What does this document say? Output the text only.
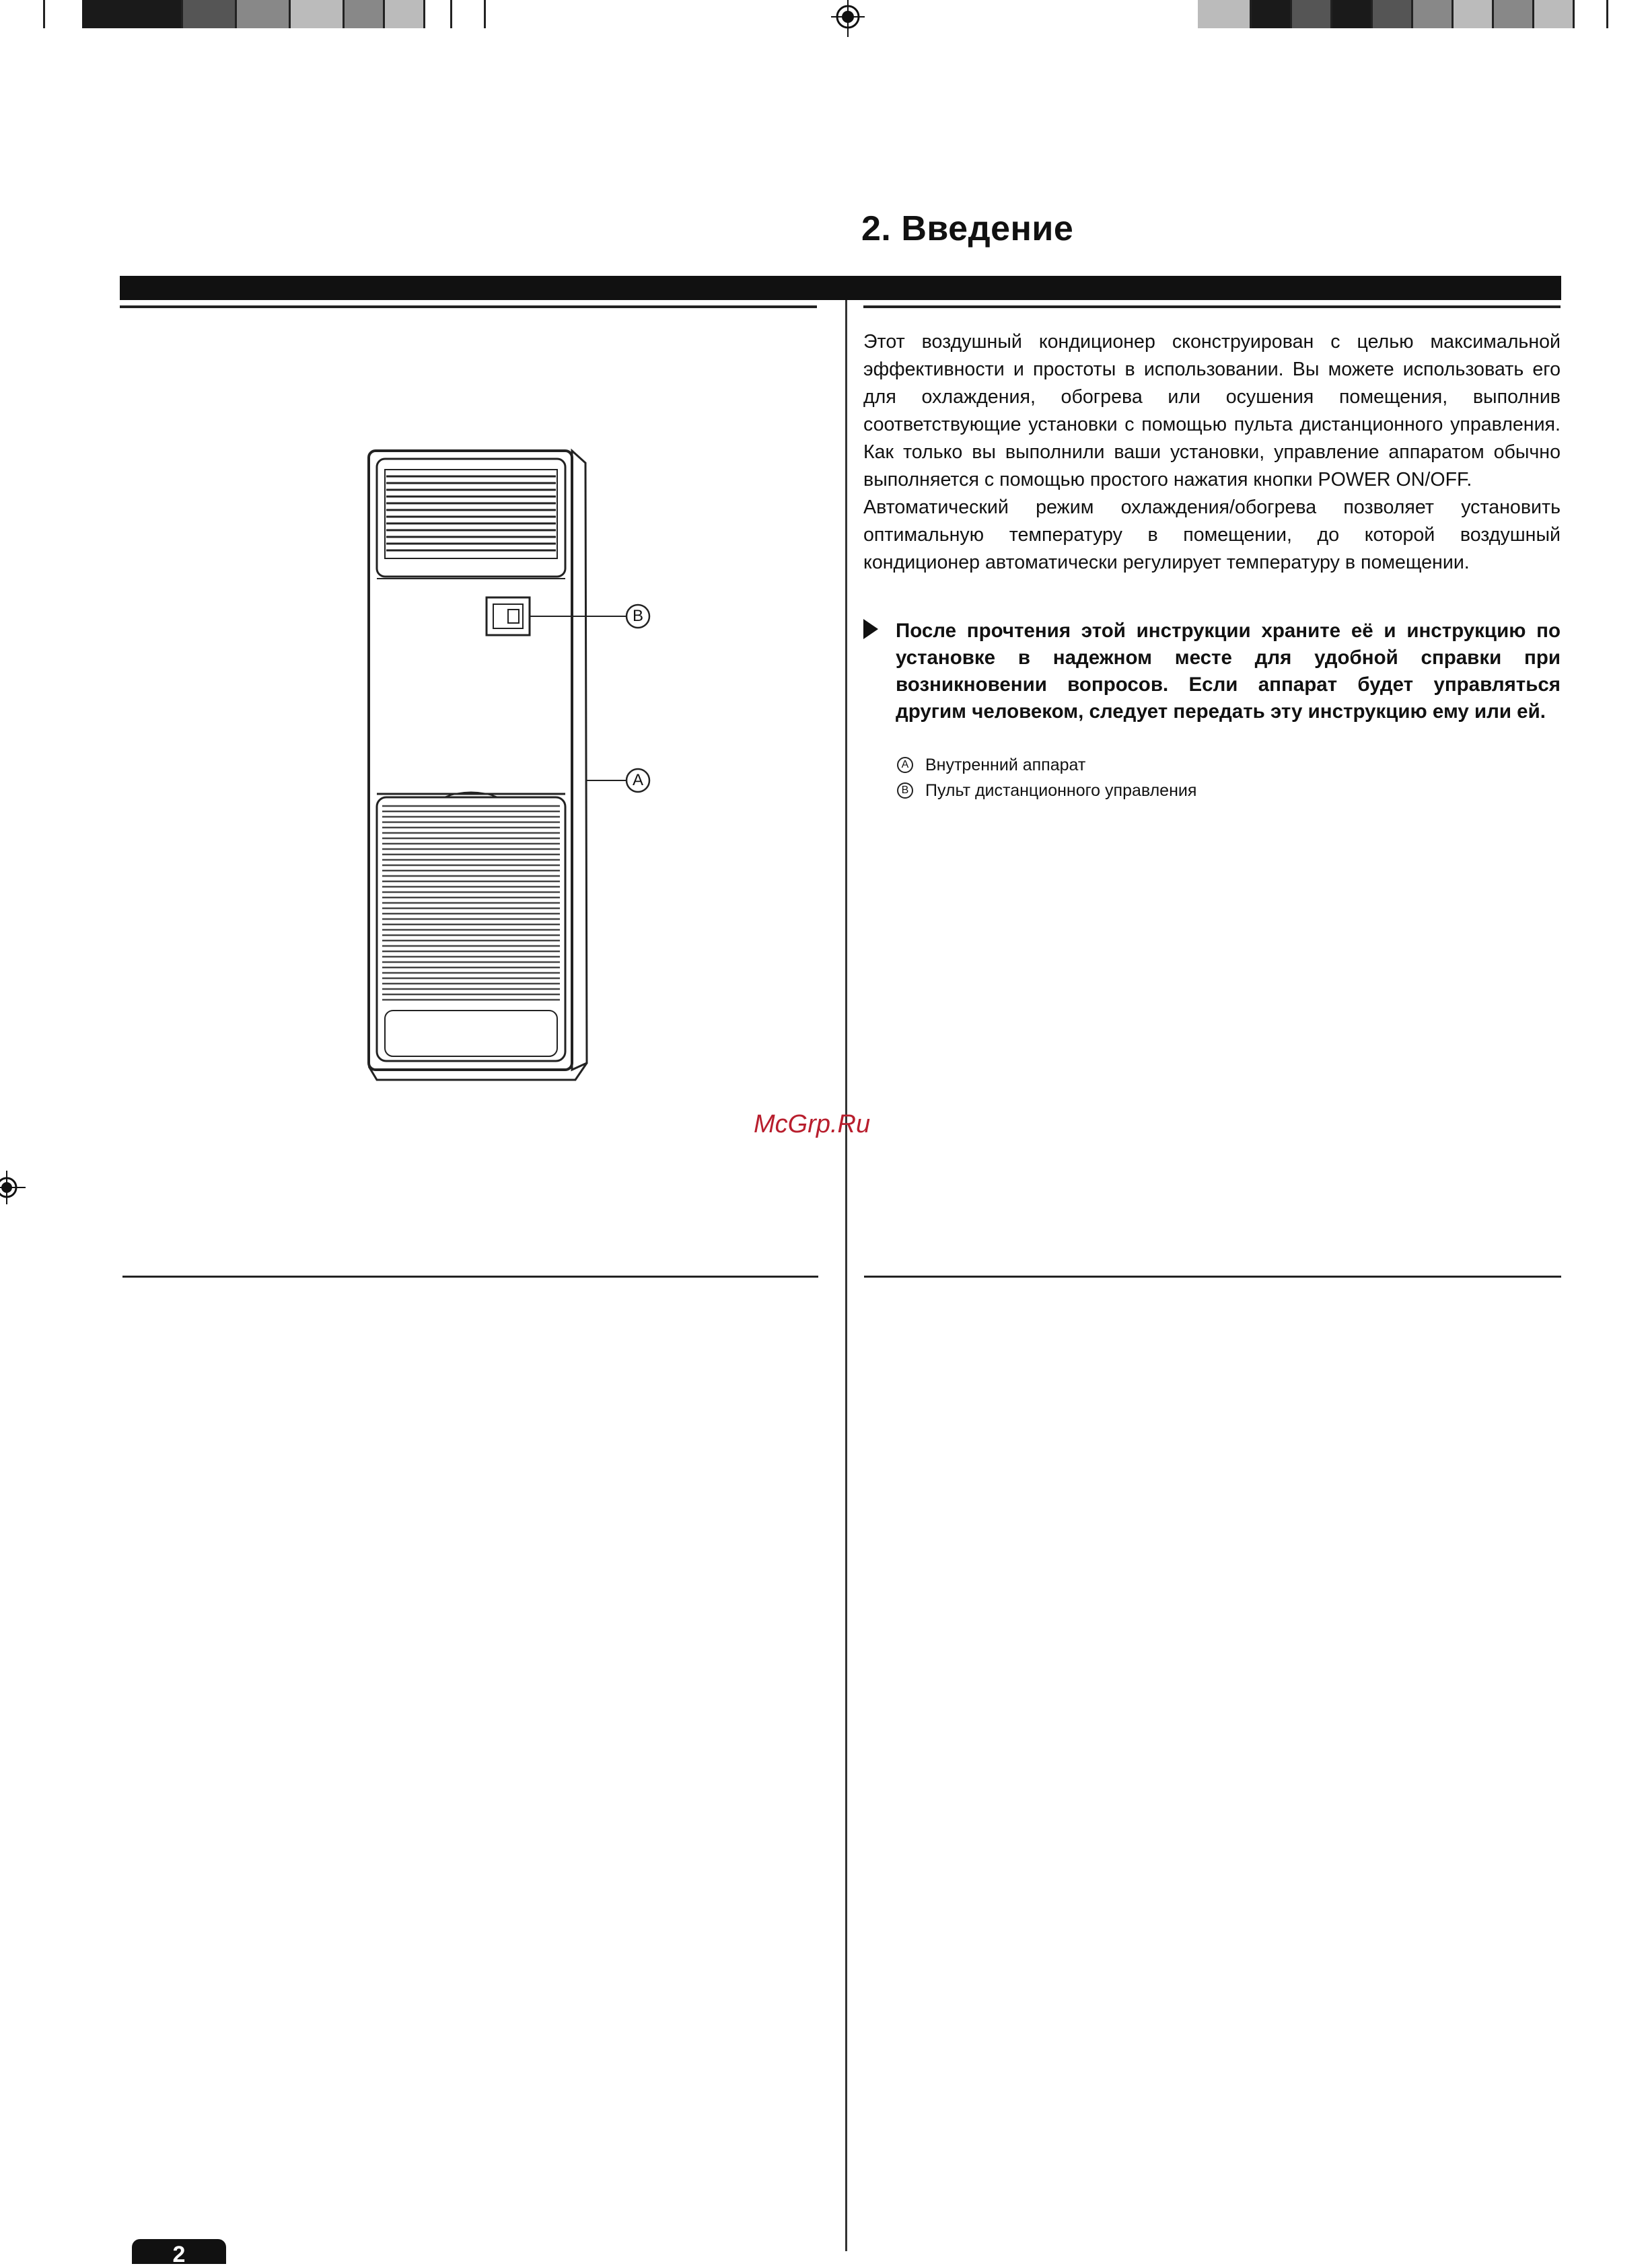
2. Введение
B
A

Этот воздушный кондиционер сконструирован с целью максимальной эффективности и простоты в использовании. Вы можете использовать его для охлаждения, обогрева или осушения помещения, выполнив соответствующие установки с помощью пульта дистанционного управления. Как только вы выполнили ваши установки, управление аппаратом обычно выполняется с помощью простого нажатия кнопки POWER ON/OFF.

Автоматический режим охлаждения/обогрева позволяет установить оптимальную температуру в помещении, до которой воздушный кондиционер автоматически регулирует температуру в помещении.

После прочтения этой инструкции храните её и инструкцию по установке в надежном месте для удобной справки при возникновении вопросов. Если аппарат будет управляться другим человеком, следует передать эту инструкцию ему или ей.
A Внутренний аппарат
B Пульт дистанционного управления
McGrp.Ru
2
